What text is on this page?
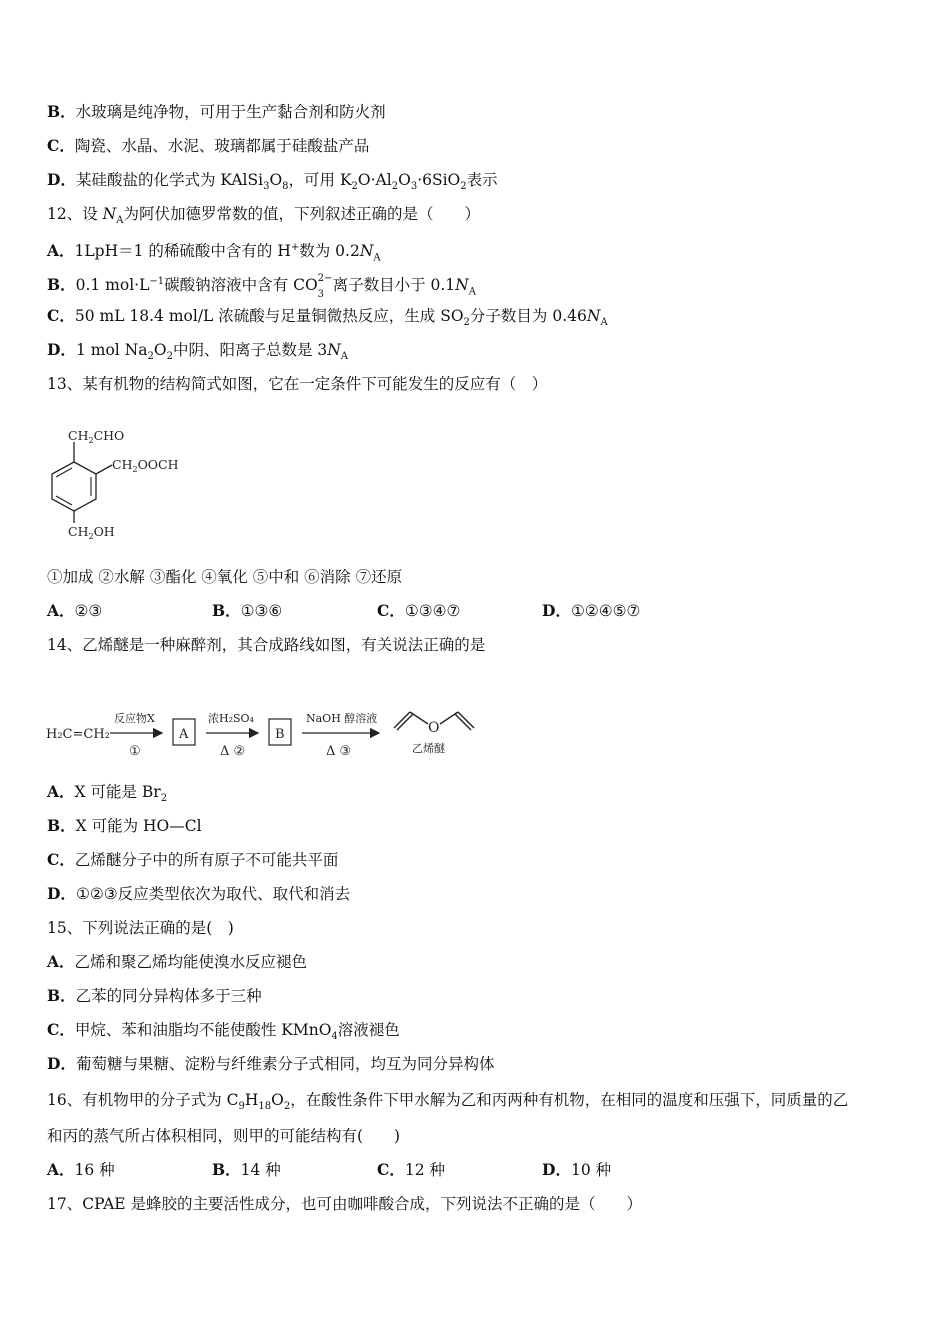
B．水玻璃是纯净物，可用于生产黏合剂和防火剂
C．陶瓷、水晶、水泥、玻璃都属于硅酸盐产品
D．某硅酸盐的化学式为 $KAlSi_3O_8$，可用 $K_2O\cdot Al_2O_3\cdot 6SiO_2$表示
12、设 $N_A$为阿伏加德罗常数的值，下列叙述正确的是（　　）
A．1LpH＝1 的稀硫酸中含有的 H+数为 $0.2N_A$
B．0.1 $mol\cdot L^{-1}$碳酸钠溶液中含有 CO 2−
3
离子数目小于 $0.1N_A$
C．50 mL 18.4 mol/L 浓硫酸与足量铜微热反应，生成 $SO_2$分子数目为 $0.46N_A$
D．1 mol $Na_2O_2$中阴、阳离子总数是 $3N_A$
13、某有机物的结构简式如图，它在一定条件下可能发生的反应有（　）
$CH_2CHO$
$CH_2OOCH$
$CH_2OH$
①加成 ②水解 ③酯化 ④氧化 ⑤中和 ⑥消除 ⑦还原
A．②③	B．①③⑥	C．①③④⑦	D．①②④⑤⑦
14、乙烯醚是一种麻醉剂，其合成路线如图，有关说法正确的是
H₂C=CH₂
反应物X
①
A
浓H₂SO₄
Δ ②
B
NaOH 醇溶液
Δ ③
O
乙烯醚
A．X 可能是 $Br_2$
B．X 可能为 HO—Cl
C．乙烯醚分子中的所有原子不可能共平面
D．①②③反应类型依次为取代、取代和消去
15、下列说法正确的是(　)
A．乙烯和聚乙烯均能使溴水反应褪色
B．乙苯的同分异构体多于三种
C．甲烷、苯和油脂均不能使酸性 KMnO$_4$溶液褪色
D．葡萄糖与果糖、淀粉与纤维素分子式相同，均互为同分异构体
16、有机物甲的分子式为 $C_9H_{18}O_2$，在酸性条件下甲水解为乙和丙两种有机物，在相同的温度和压强下，同质量的乙
和丙的蒸气所占体积相同，则甲的可能结构有(　　)
A．16 种	B．14 种	C．12 种	D．10 种
17、CPAE 是蜂胶的主要活性成分，也可由咖啡酸合成，下列说法不正确的是（　　）
